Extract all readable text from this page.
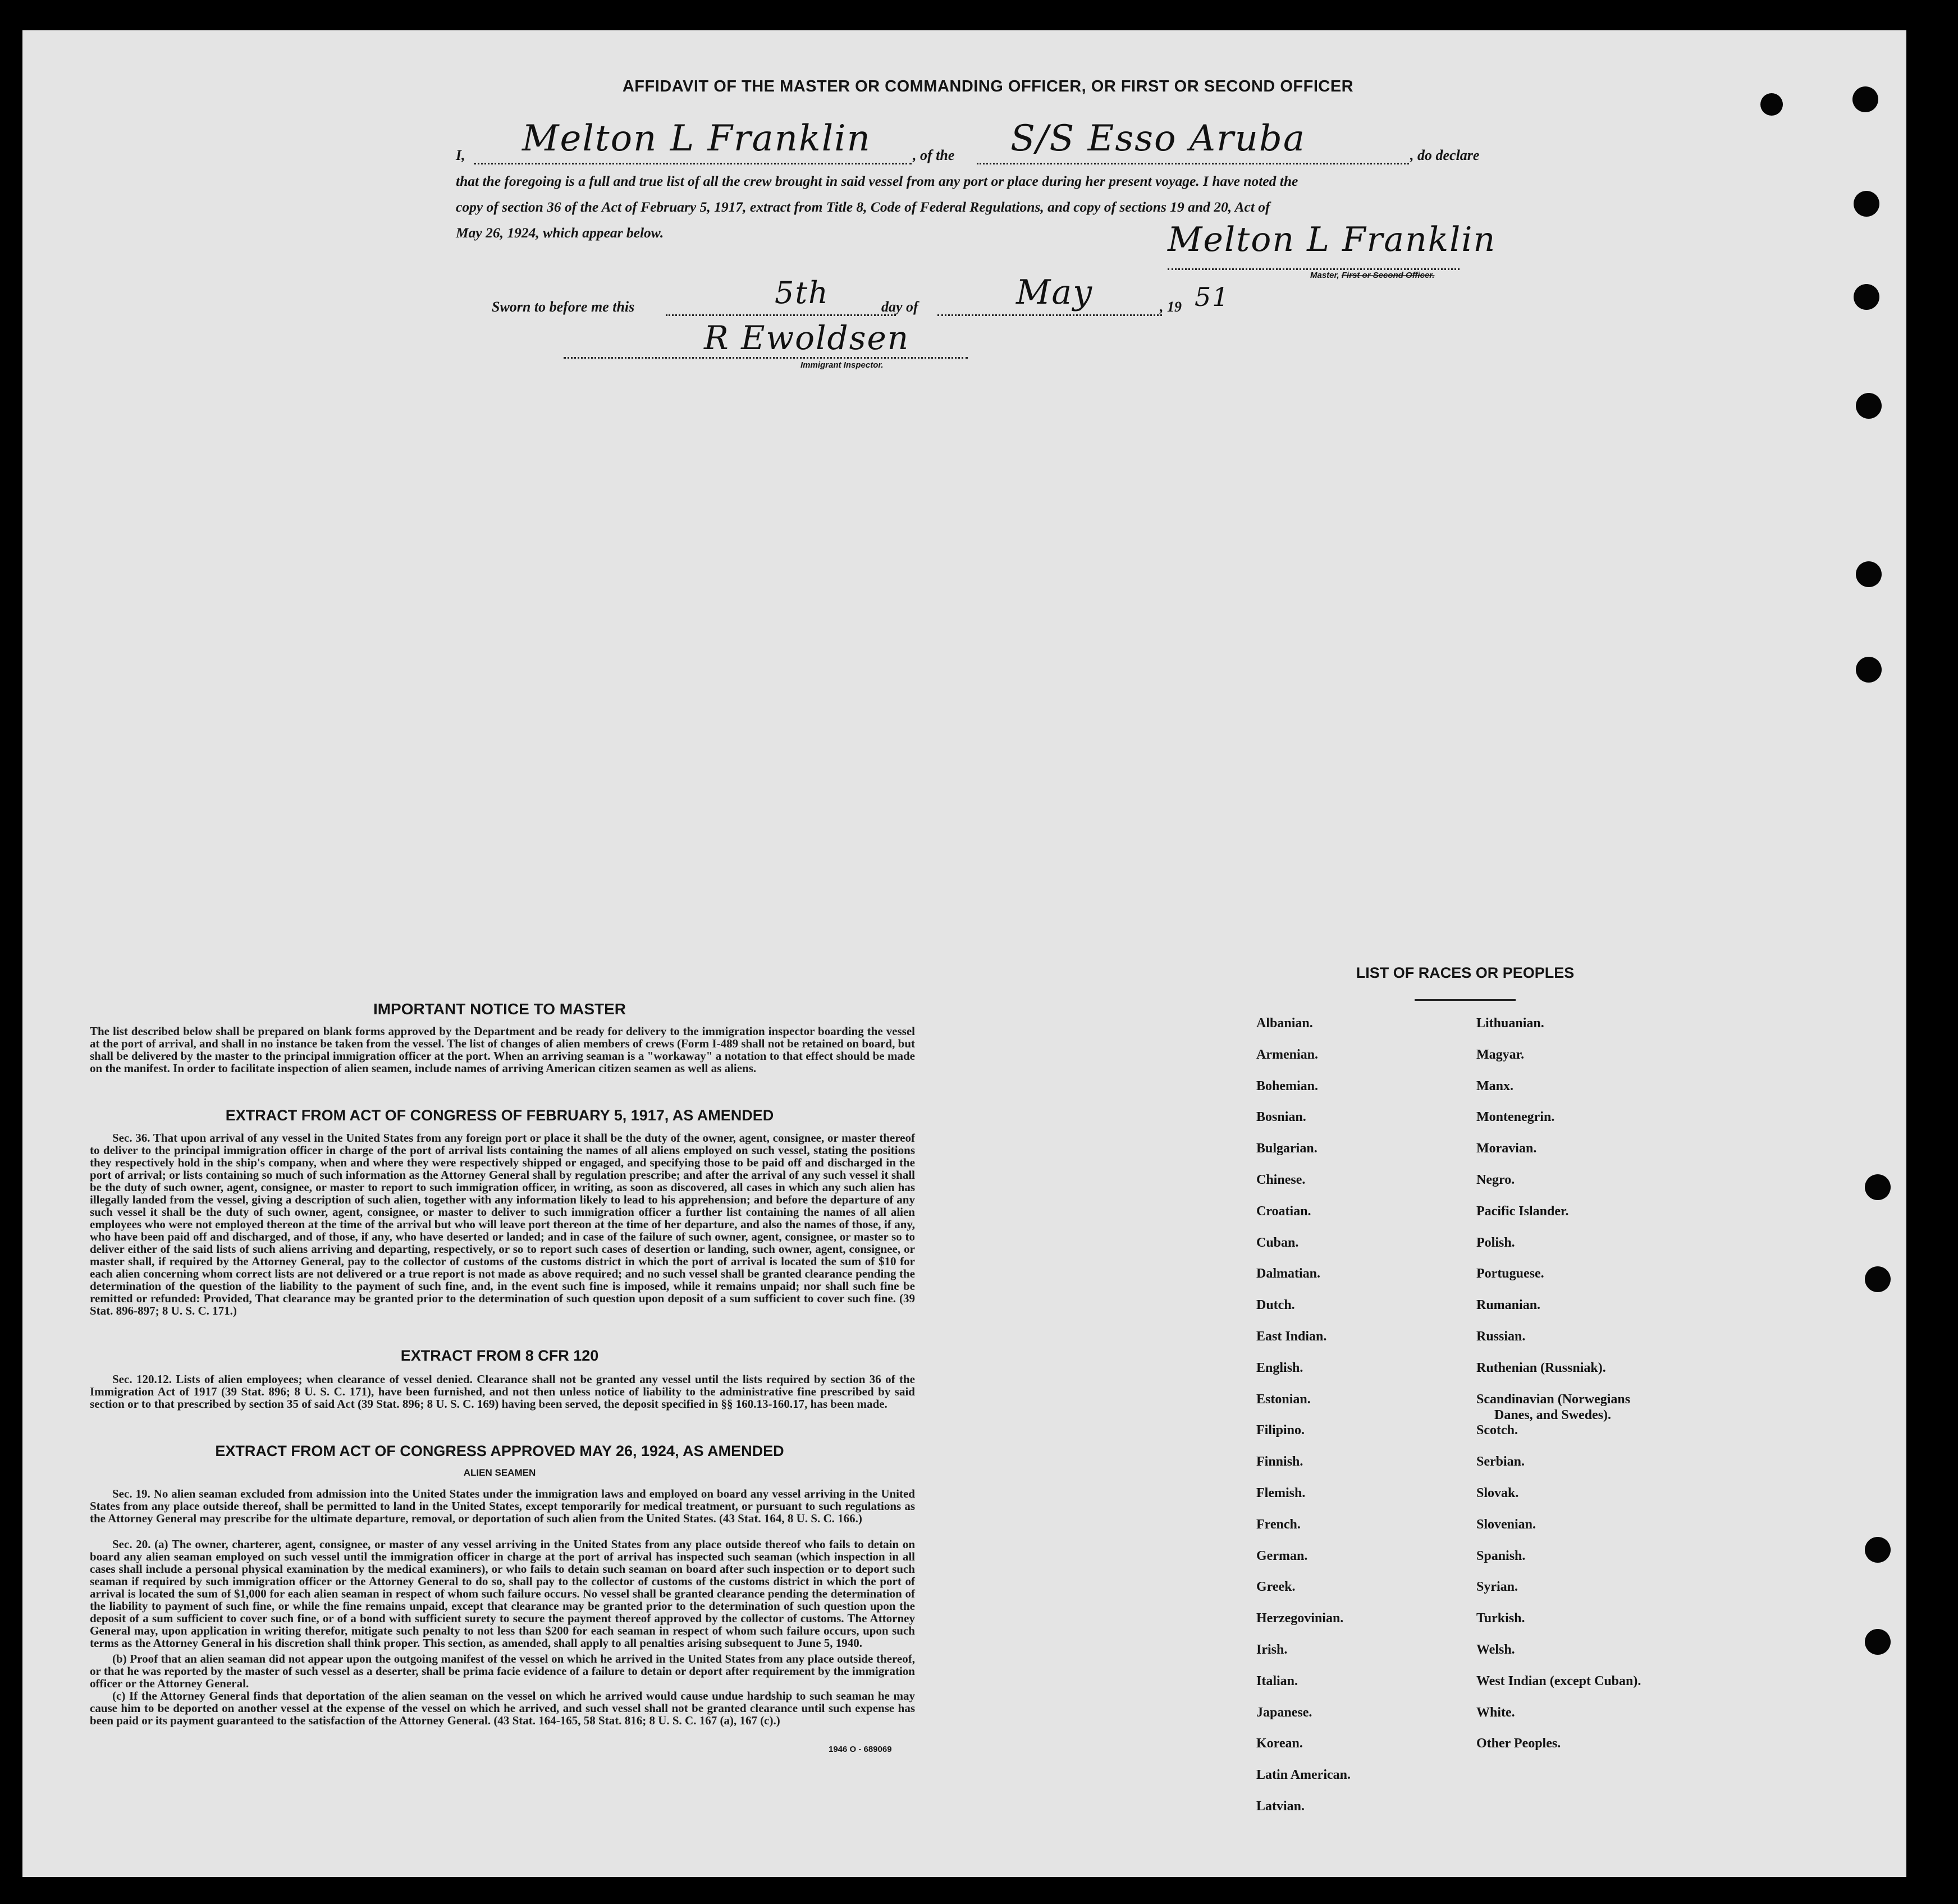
AFFIDAVIT OF THE MASTER OR COMMANDING OFFICER, OR FIRST OR SECOND OFFICER
I, Melton L Franklin	, of the S/S Esso Aruba	, do declare
that the foregoing is a full and true list of all the crew brought in said vessel from any port or place during her present voyage. I have noted the
copy of section 36 of the Act of February 5, 1917, extract from Title 8, Code of Federal Regulations, and copy of sections 19 and 20, Act of
May 26, 1924, which appear below.	Melton L Franklin
Master, First or Second Officer.
Sworn to before me this	5th	day of	May	, 19 51
R Ewoldsen
Immigrant Inspector.
IMPORTANT NOTICE TO MASTER
The list described below shall be prepared on blank forms approved by the Department and be ready for delivery to the immigration inspector boarding the vessel at the port of arrival, and shall in no instance be taken from the vessel. The list of changes of alien members of crews (Form I-489 shall not be retained on board, but shall be delivered by the master to the principal immigration officer at the port. When an arriving seaman is a "workaway" a notation to that effect should be made on the manifest. In order to facilitate inspection of alien seamen, include names of arriving American citizen seamen as well as aliens.
EXTRACT FROM ACT OF CONGRESS OF FEBRUARY 5, 1917, AS AMENDED
Sec. 36. That upon arrival of any vessel in the United States from any foreign port or place it shall be the duty of the owner, agent, consignee, or master thereof to deliver to the principal immigration officer in charge of the port of arrival lists containing the names of all aliens employed on such vessel, stating the positions they respectively hold in the ship's company, when and where they were respectively shipped or engaged, and specifying those to be paid off and discharged in the port of arrival; or lists containing so much of such information as the Attorney General shall by regulation prescribe; and after the arrival of any such vessel it shall be the duty of such owner, agent, consignee, or master to report to such immigration officer, in writing, as soon as discovered, all cases in which any such alien has illegally landed from the vessel, giving a description of such alien, together with any information likely to lead to his apprehension; and before the departure of any such vessel it shall be the duty of such owner, agent, consignee, or master to deliver to such immigration officer a further list containing the names of all alien employees who were not employed thereon at the time of the arrival but who will leave port thereon at the time of her departure, and also the names of those, if any, who have been paid off and discharged, and of those, if any, who have deserted or landed; and in case of the failure of such owner, agent, consignee, or master so to deliver either of the said lists of such aliens arriving and departing, respectively, or so to report such cases of desertion or landing, such owner, agent, consignee, or master shall, if required by the Attorney General, pay to the collector of customs of the customs district in which the port of arrival is located the sum of $10 for each alien concerning whom correct lists are not delivered or a true report is not made as above required; and no such vessel shall be granted clearance pending the determination of the question of the liability to the payment of such fine, and, in the event such fine is imposed, while it remains unpaid; nor shall such fine be remitted or refunded: Provided, That clearance may be granted prior to the determination of such question upon deposit of a sum sufficient to cover such fine. (39 Stat. 896-897; 8 U. S. C. 171.)
EXTRACT FROM 8 CFR 120
Sec. 120.12. Lists of alien employees; when clearance of vessel denied. Clearance shall not be granted any vessel until the lists required by section 36 of the Immigration Act of 1917 (39 Stat. 896; 8 U. S. C. 171), have been furnished, and not then unless notice of liability to the administrative fine prescribed by said section or to that prescribed by section 35 of said Act (39 Stat. 896; 8 U. S. C. 169) having been served, the deposit specified in §§ 160.13-160.17, has been made.
EXTRACT FROM ACT OF CONGRESS APPROVED MAY 26, 1924, AS AMENDED
ALIEN SEAMEN
Sec. 19. No alien seaman excluded from admission into the United States under the immigration laws and employed on board any vessel arriving in the United States from any place outside thereof, shall be permitted to land in the United States, except temporarily for medical treatment, or pursuant to such regulations as the Attorney General may prescribe for the ultimate departure, removal, or deportation of such alien from the United States. (43 Stat. 164, 8 U. S. C. 166.)
Sec. 20. (a) The owner, charterer, agent, consignee, or master of any vessel arriving in the United States from any place outside thereof who fails to detain on board any alien seaman employed on such vessel until the immigration officer in charge at the port of arrival has inspected such seaman (which inspection in all cases shall include a personal physical examination by the medical examiners), or who fails to detain such seaman on board after such inspection or to deport such seaman if required by such immigration officer or the Attorney General to do so, shall pay to the collector of customs of the customs district in which the port of arrival is located the sum of $1,000 for each alien seaman in respect of whom such failure occurs. No vessel shall be granted clearance pending the determination of the liability to payment of such fine, or while the fine remains unpaid, except that clearance may be granted prior to the determination of such question upon the deposit of a sum sufficient to cover such fine, or of a bond with sufficient surety to secure the payment thereof approved by the collector of customs. The Attorney General may, upon application in writing therefor, mitigate such penalty to not less than $200 for each seaman in respect of whom such failure occurs, upon such terms as the Attorney General in his discretion shall think proper. This section, as amended, shall apply to all penalties arising subsequent to June 5, 1940.
(b) Proof that an alien seaman did not appear upon the outgoing manifest of the vessel on which he arrived in the United States from any place outside thereof, or that he was reported by the master of such vessel as a deserter, shall be prima facie evidence of a failure to detain or deport after requirement by the immigration officer or the Attorney General.
(c) If the Attorney General finds that deportation of the alien seaman on the vessel on which he arrived would cause undue hardship to such seaman he may cause him to be deported on another vessel at the expense of the vessel on which he arrived, and such vessel shall not be granted clearance until such expense has been paid or its payment guaranteed to the satisfaction of the Attorney General. (43 Stat. 164-165, 58 Stat. 816; 8 U. S. C. 167 (a), 167 (c).)
1946 O - 689069
LIST OF RACES OR PEOPLES
Albanian.
Armenian.
Bohemian.
Bosnian.
Bulgarian.
Chinese.
Croatian.
Cuban.
Dalmatian.
Dutch.
East Indian.
English.
Estonian.
Filipino.
Finnish.
Flemish.
French.
German.
Greek.
Herzegovinian.
Irish.
Italian.
Japanese.
Korean.
Latin American.
Latvian.
Lithuanian.
Magyar.
Manx.
Montenegrin.
Moravian.
Negro.
Pacific Islander.
Polish.
Portuguese.
Rumanian.
Russian.
Ruthenian (Russniak).
Scandinavian (Norwegians
Danes, and Swedes).
Scotch.
Serbian.
Slovak.
Slovenian.
Spanish.
Syrian.
Turkish.
Welsh.
West Indian (except Cuban).
White.
Other Peoples.
